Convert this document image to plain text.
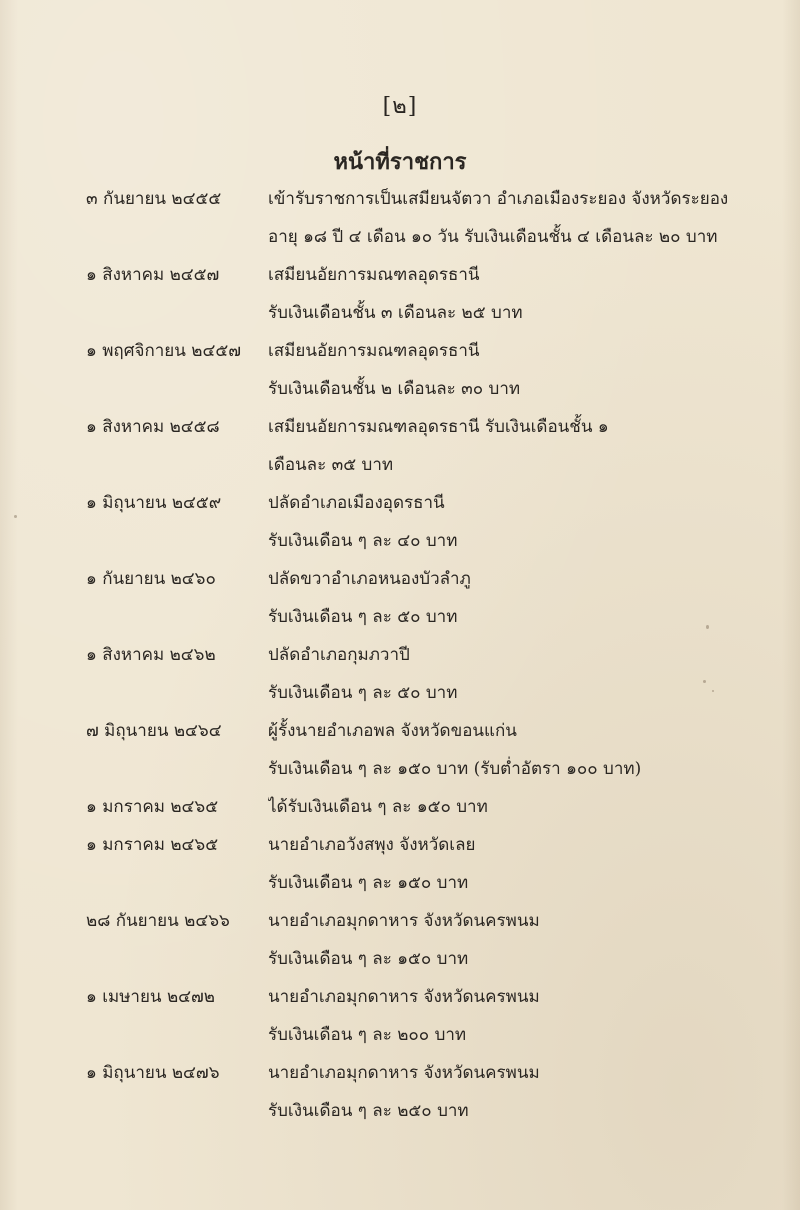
[๒]
หน้าที่ราชการ
๓ กันยายน ๒๔๕๕	เข้ารับราชการเป็นเสมียนจัตวา อำเภอเมืองระยอง จังหวัดระยอง
อายุ ๑๘ ปี ๔ เดือน ๑๐ วัน รับเงินเดือนชั้น ๔ เดือนละ ๒๐ บาท
๑ สิงหาคม ๒๔๕๗	เสมียนอัยการมณฑลอุดรธานี
รับเงินเดือนชั้น ๓ เดือนละ ๒๕ บาท
๑ พฤศจิกายน ๒๔๕๗ เสมียนอัยการมณฑลอุดรธานี
รับเงินเดือนชั้น ๒ เดือนละ ๓๐ บาท
๑ สิงหาคม ๒๔๕๘	เสมียนอัยการมณฑลอุดรธานี รับเงินเดือนชั้น ๑
เดือนละ ๓๕ บาท
๑ มิถุนายน ๒๔๕๙	ปลัดอำเภอเมืองอุดรธานี
รับเงินเดือน ๆ ละ ๔๐ บาท
๑ กันยายน ๒๔๖๐	ปลัดขวาอำเภอหนองบัวลำภู
รับเงินเดือน ๆ ละ ๕๐ บาท
๑ สิงหาคม ๒๔๖๒	ปลัดอำเภอกุมภวาปี
รับเงินเดือน ๆ ละ ๕๐ บาท
๗ มิถุนายน ๒๔๖๔	ผู้รั้งนายอำเภอพล จังหวัดขอนแก่น
รับเงินเดือน ๆ ละ ๑๕๐ บาท (รับต่ำอัตรา ๑๐๐ บาท)
๑ มกราคม ๒๔๖๕	ได้รับเงินเดือน ๆ ละ ๑๕๐ บาท
๑ มกราคม ๒๔๖๕	นายอำเภอวังสพุง จังหวัดเลย
รับเงินเดือน ๆ ละ ๑๕๐ บาท
๒๘ กันยายน ๒๔๖๖ นายอำเภอมุกดาหาร จังหวัดนครพนม
รับเงินเดือน ๆ ละ ๑๕๐ บาท
๑ เมษายน ๒๔๗๒	นายอำเภอมุกดาหาร จังหวัดนครพนม
รับเงินเดือน ๆ ละ ๒๐๐ บาท
๑ มิถุนายน ๒๔๗๖	นายอำเภอมุกดาหาร จังหวัดนครพนม
รับเงินเดือน ๆ ละ ๒๕๐ บาท
